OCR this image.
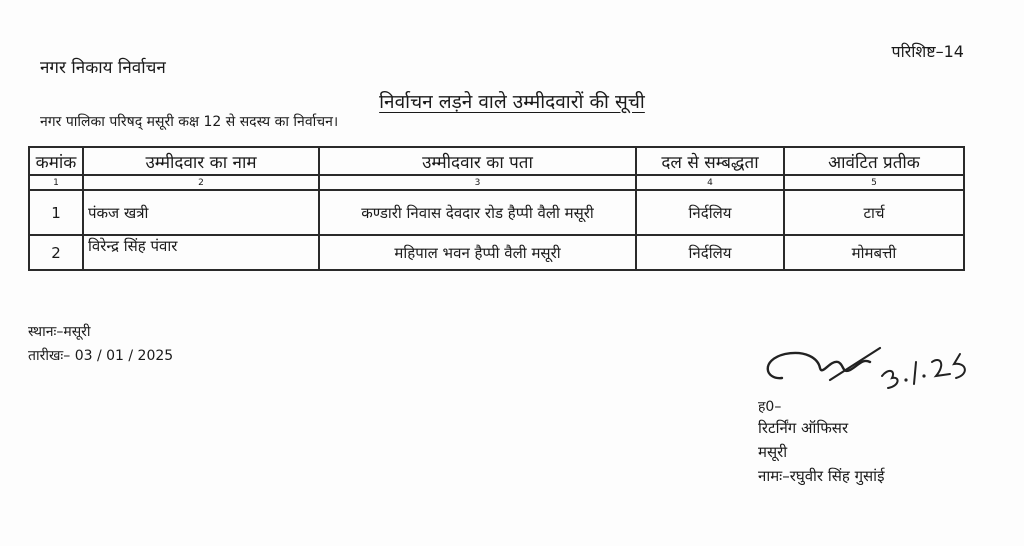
परिशिष्ट–14
नगर निकाय निर्वाचन
निर्वाचन लड़ने वाले उम्मीदवारों की सूची
नगर पालिका परिषद् मसूरी कक्ष 12 से सदस्य का निर्वाचन।
कमांक	उम्मीदवार का नाम	उम्मीदवार का पता	दल से सम्बद्धता	आवंटित प्रतीक
1	2	3	4	5
1	पंकज खत्री	कण्डारी निवास देवदार रोड हैप्पी वैली मसूरी	निर्दलिय	टार्च
2	विरेन्द्र सिंह पंवार	महिपाल भवन हैप्पी वैली मसूरी	निर्दलिय	मोमबत्ती
स्थानः–मसूरी
तारीखः– 03 / 01 / 2025
ह0–
रिटर्निंग ऑफिसर
मसूरी
नामः–रघुवीर सिंह गुसांई
